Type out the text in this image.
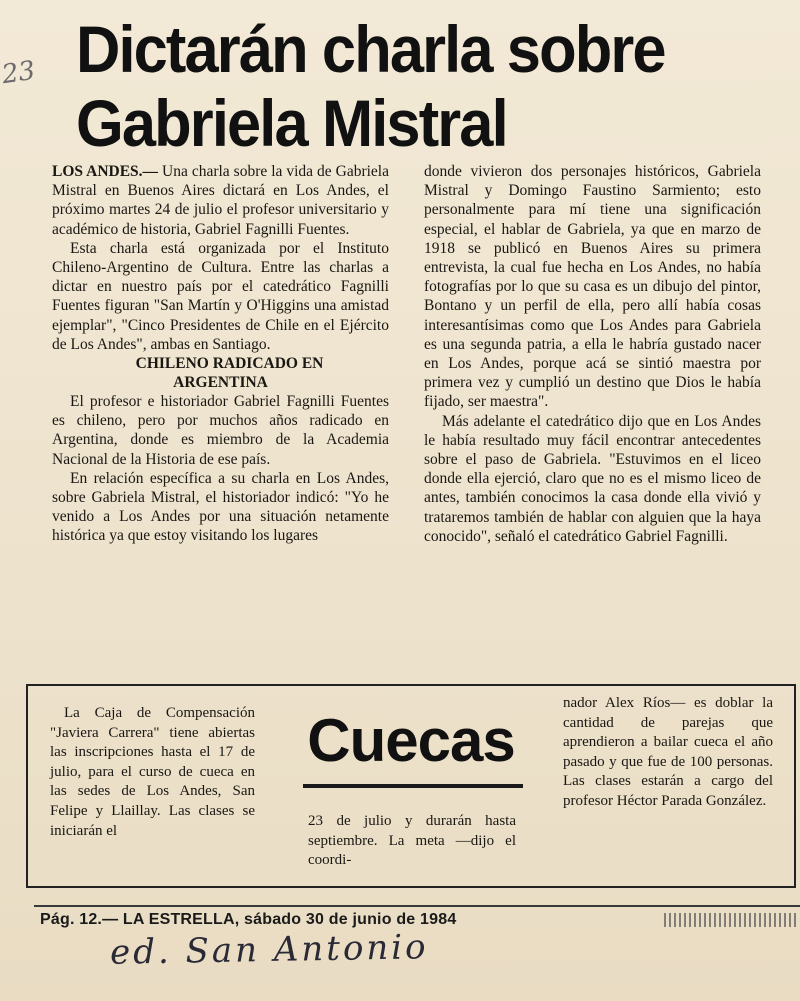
23 Dictarán charla sobre Gabriela Mistral

LOS ANDES.— Una charla sobre la vida de Gabriela Mistral en Buenos Aires dictará en Los Andes, el próximo martes 24 de julio el profesor universitario y académico de historia, Gabriel Fagnilli Fuentes.

Esta charla está organizada por el Instituto Chileno-Argentino de Cultura. Entre las charlas a dictar en nuestro país por el catedrático Fagnilli Fuentes figuran "San Martín y O'Higgins una amistad ejemplar", "Cinco Presidentes de Chile en el Ejército de Los Andes", ambas en Santiago.

CHILENO RADICADO EN ARGENTINA

El profesor e historiador Gabriel Fagnilli Fuentes es chileno, pero por muchos años radicado en Argentina, donde es miembro de la Academia Nacional de la Historia de ese país.

En relación específica a su charla en Los Andes, sobre Gabriela Mistral, el historiador indicó: "Yo he venido a Los Andes por una situación netamente histórica ya que estoy visitando los lugares

donde vivieron dos personajes históricos, Gabriela Mistral y Domingo Faustino Sarmiento; esto personalmente para mí tiene una significación especial, el hablar de Gabriela, ya que en marzo de 1918 se publicó en Buenos Aires su primera entrevista, la cual fue hecha en Los Andes, no había fotografías por lo que su casa es un dibujo del pintor, Bontano y un perfil de ella, pero allí había cosas interesantísimas como que Los Andes para Gabriela es una segunda patria, a ella le habría gustado nacer en Los Andes, porque acá se sintió maestra por primera vez y cumplió un destino que Dios le había fijado, ser maestra".

Más adelante el catedrático dijo que en Los Andes le había resultado muy fácil encontrar antecedentes sobre el paso de Gabriela. "Estuvimos en el liceo donde ella ejerció, claro que no es el mismo liceo de antes, también conocimos la casa donde ella vivió y trataremos también de hablar con alguien que la haya conocido", señaló el catedrático Gabriel Fagnilli.

La Caja de Compensación "Javiera Carrera" tiene abiertas las inscripciones hasta el 17 de julio, para el curso de cueca en las sedes de Los Andes, San Felipe y Llaillay. Las clases se iniciarán el
Cuecas
23 de julio y durarán hasta septiembre. La meta —dijo el coordi-
nador Alex Ríos— es doblar la cantidad de parejas que aprendieron a bailar cueca el año pasado y que fue de 100 personas. Las clases estarán a cargo del profesor Héctor Parada González.
Pág. 12.— LA ESTRELLA, sábado 30 de junio de 1984
ed. San Antonio
